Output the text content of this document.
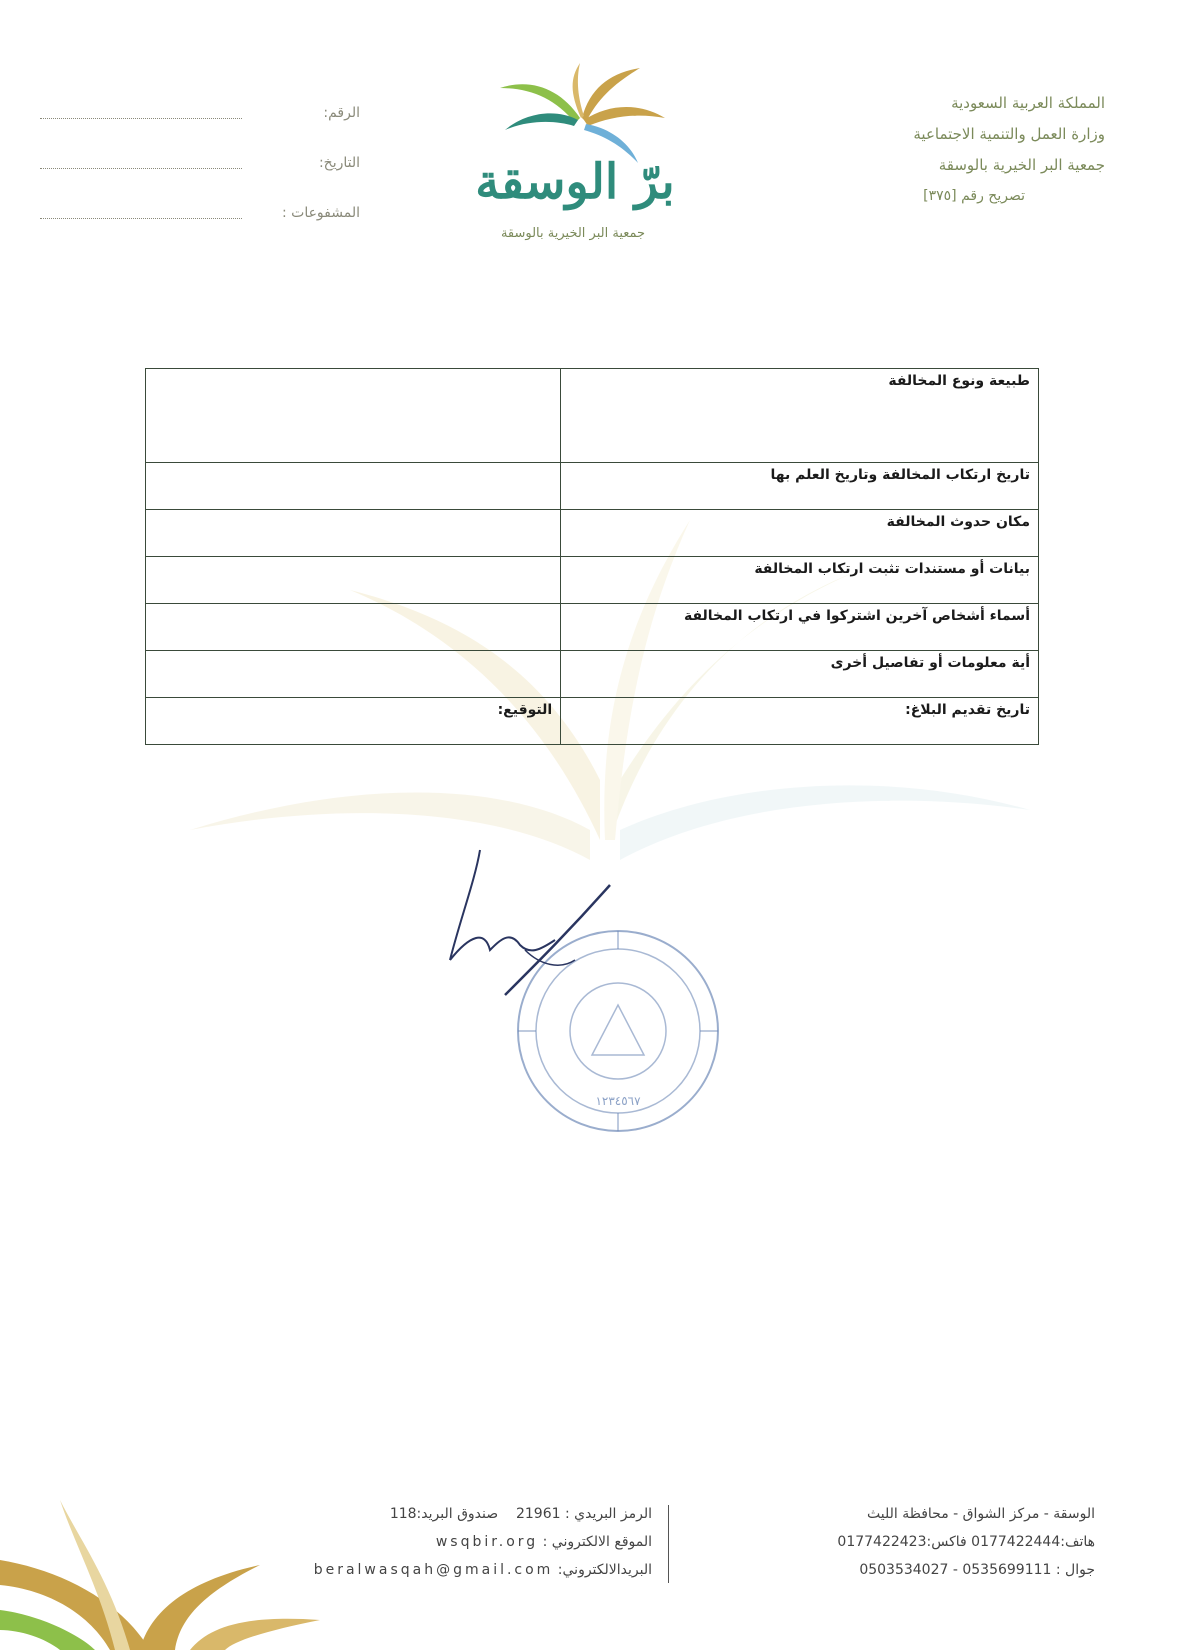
المملكة العربية السعودية
وزارة العمل والتنمية الاجتماعية
جمعية البر الخيرية بالوسقة
تصريح رقم [٣٧٥]
الرقم:
التاريخ:
المشفوعات :
برّ الوسقة
جمعية البر الخيرية بالوسقة
طبيعة ونوع المخالفة	
تاريخ ارتكاب المخالفة وتاريخ العلم بها	
مكان حدوث المخالفة	
بيانات أو مستندات تثبت ارتكاب المخالفة	
أسماء أشخاص آخرين اشتركوا في ارتكاب المخالفة	
أية معلومات أو تفاصيل أخرى	
تاريخ تقديم البلاغ:	التوقيع:
١٢٣٤٥٦٧
الوسقة - مركز الشواق - محافظة الليث
هاتف:0177422444 فاكس:0177422423
جوال : 0535699111 - 0503534027
الرمز البريدي : 21961    صندوق البريد:118
الموقع الالكتروني : wsqbir.org
البريدالالكتروني: beralwasqah@gmail.com
